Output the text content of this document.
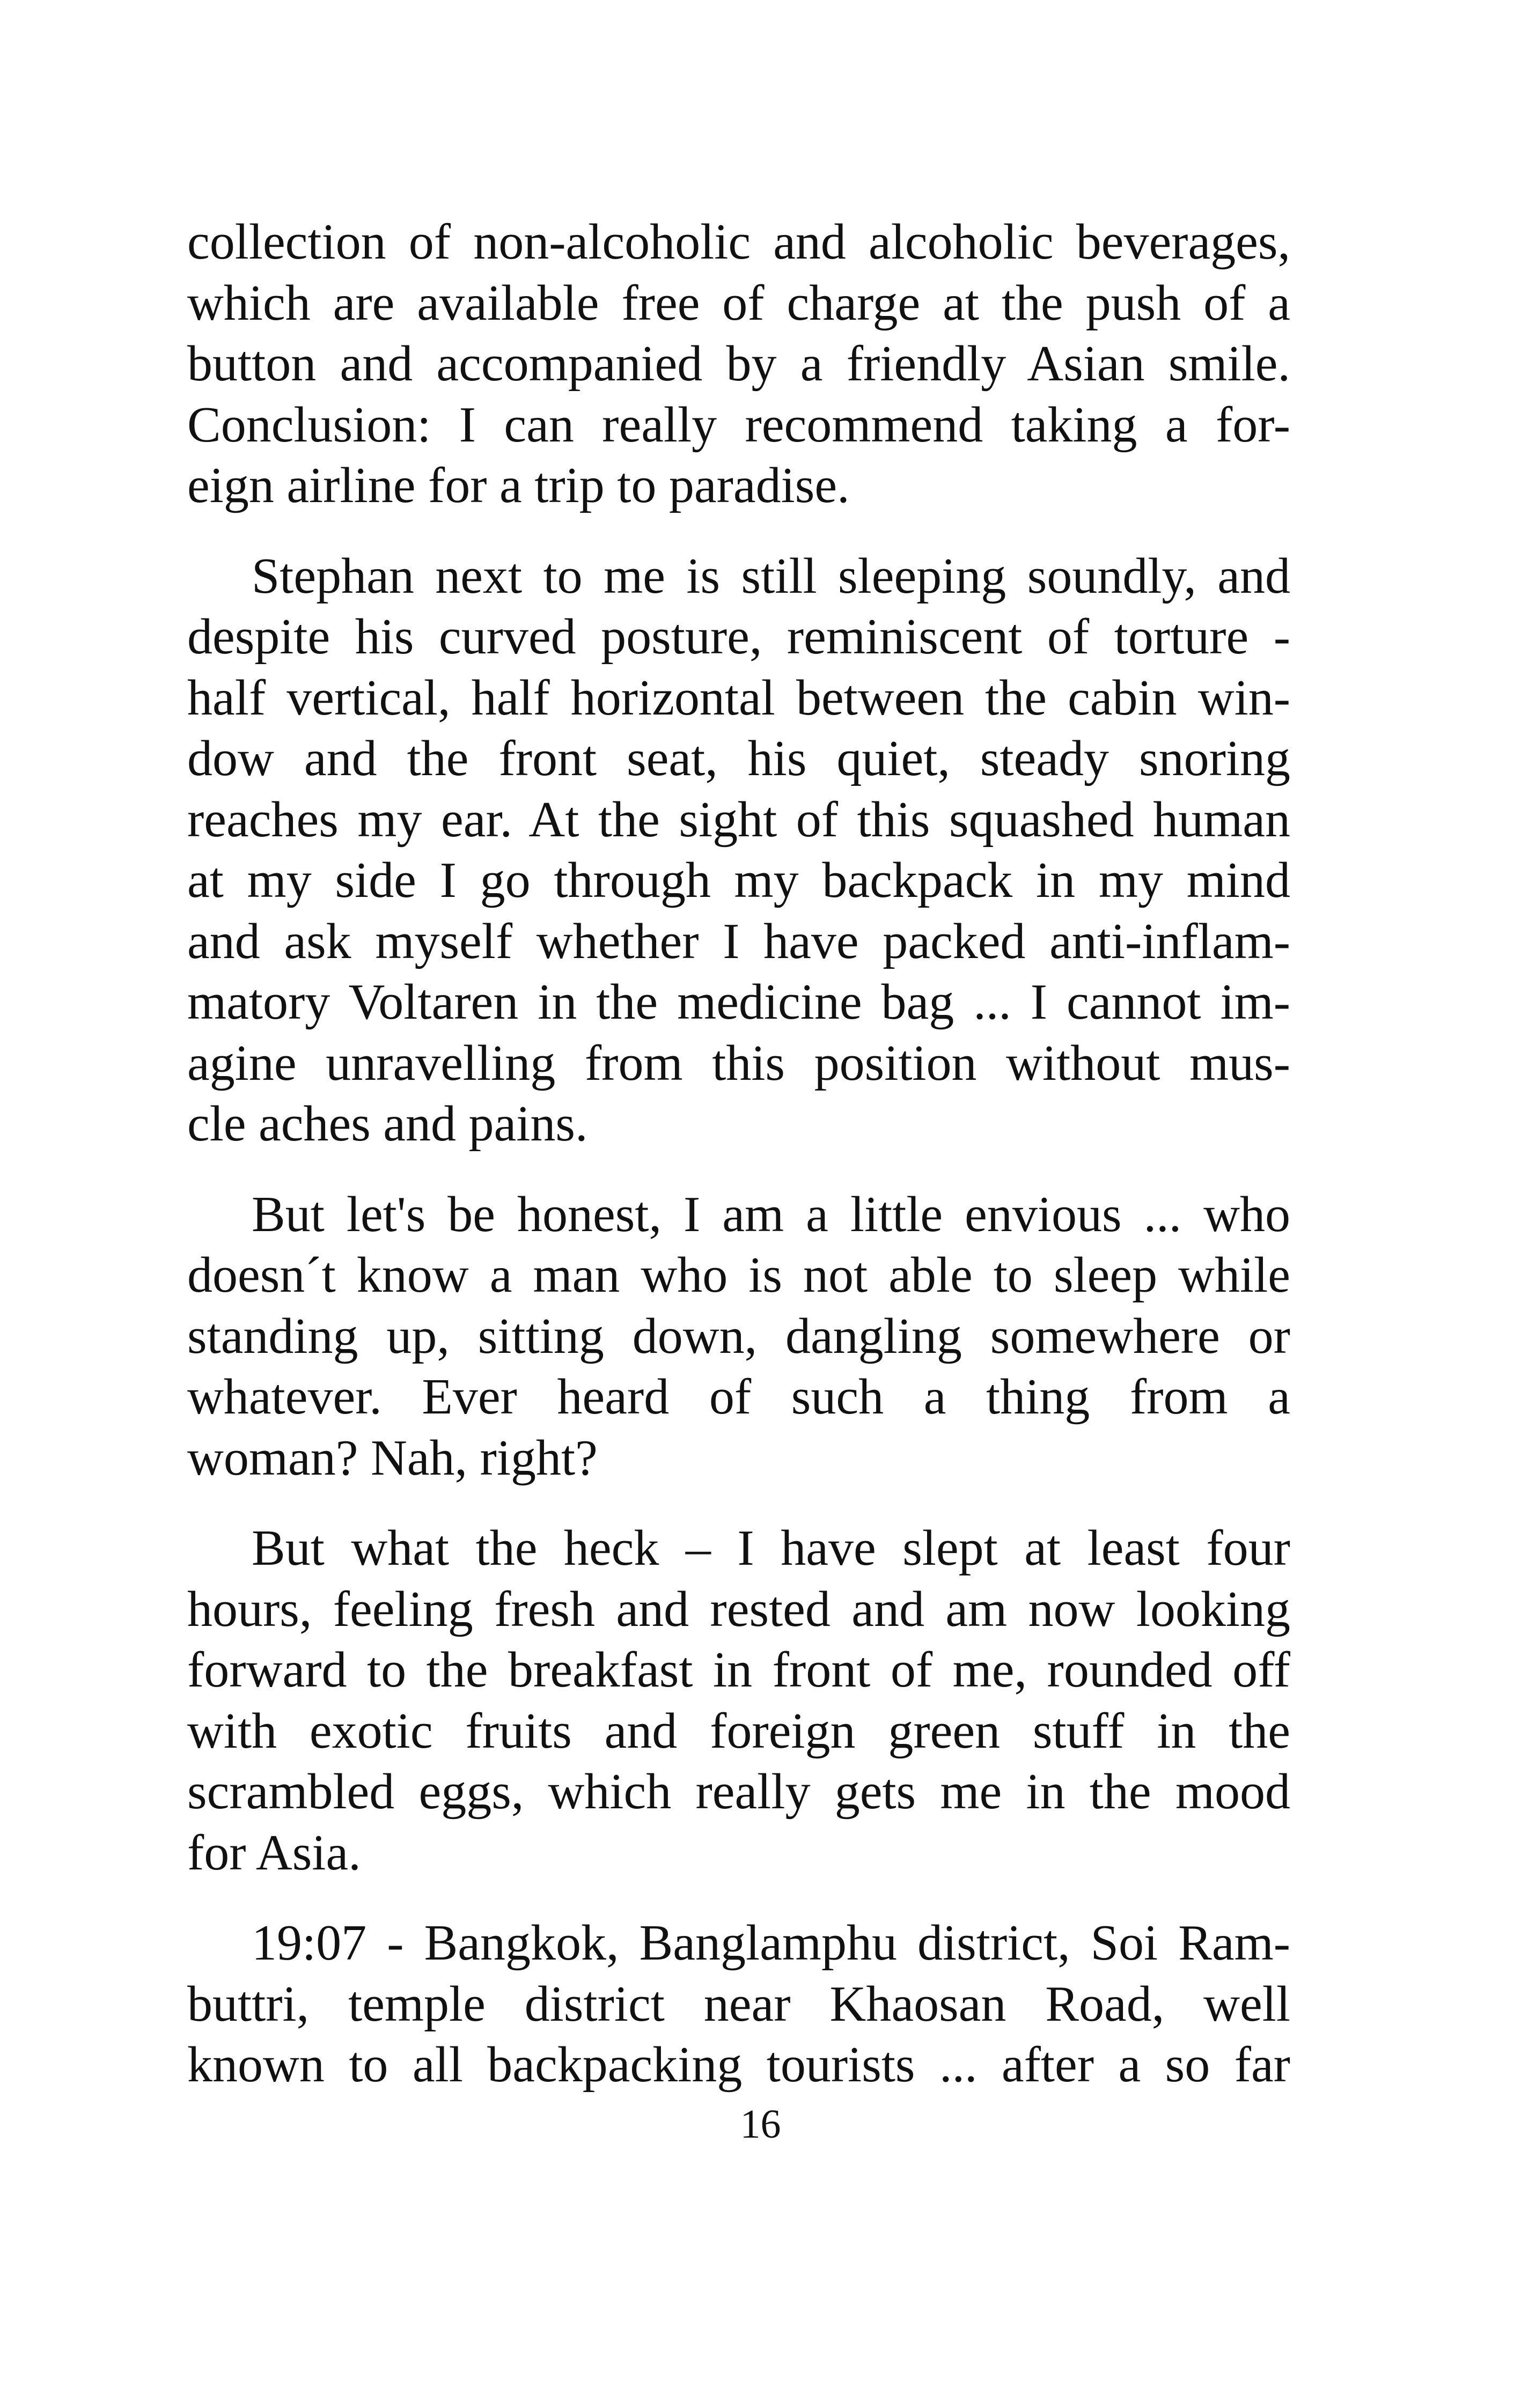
collection of non-alcoholic and alcoholic beverages,
which are available free of charge at the push of a
button and accompanied by a friendly Asian smile.
Conclusion: I can really recommend taking a for-
eign airline for a trip to paradise.
Stephan next to me is still sleeping soundly, and
despite his curved posture, reminiscent of torture -
half vertical, half horizontal between the cabin win-
dow and the front seat, his quiet, steady snoring
reaches my ear. At the sight of this squashed human
at my side I go through my backpack in my mind
and ask myself whether I have packed anti-inflam-
matory Voltaren in the medicine bag ... I cannot im-
agine unravelling from this position without mus-
cle aches and pains.
But let's be honest, I am a little envious ... who
doesn´t know a man who is not able to sleep while
standing up, sitting down, dangling somewhere or
whatever. Ever heard of such a thing from a
woman? Nah, right?
But what the heck – I have slept at least four
hours, feeling fresh and rested and am now looking
forward to the breakfast in front of me, rounded off
with exotic fruits and foreign green stuff in the
scrambled eggs, which really gets me in the mood
for Asia.
19:07 - Bangkok, Banglamphu district, Soi Ram-
buttri, temple district near Khaosan Road, well
known to all backpacking tourists ... after a so far
16
